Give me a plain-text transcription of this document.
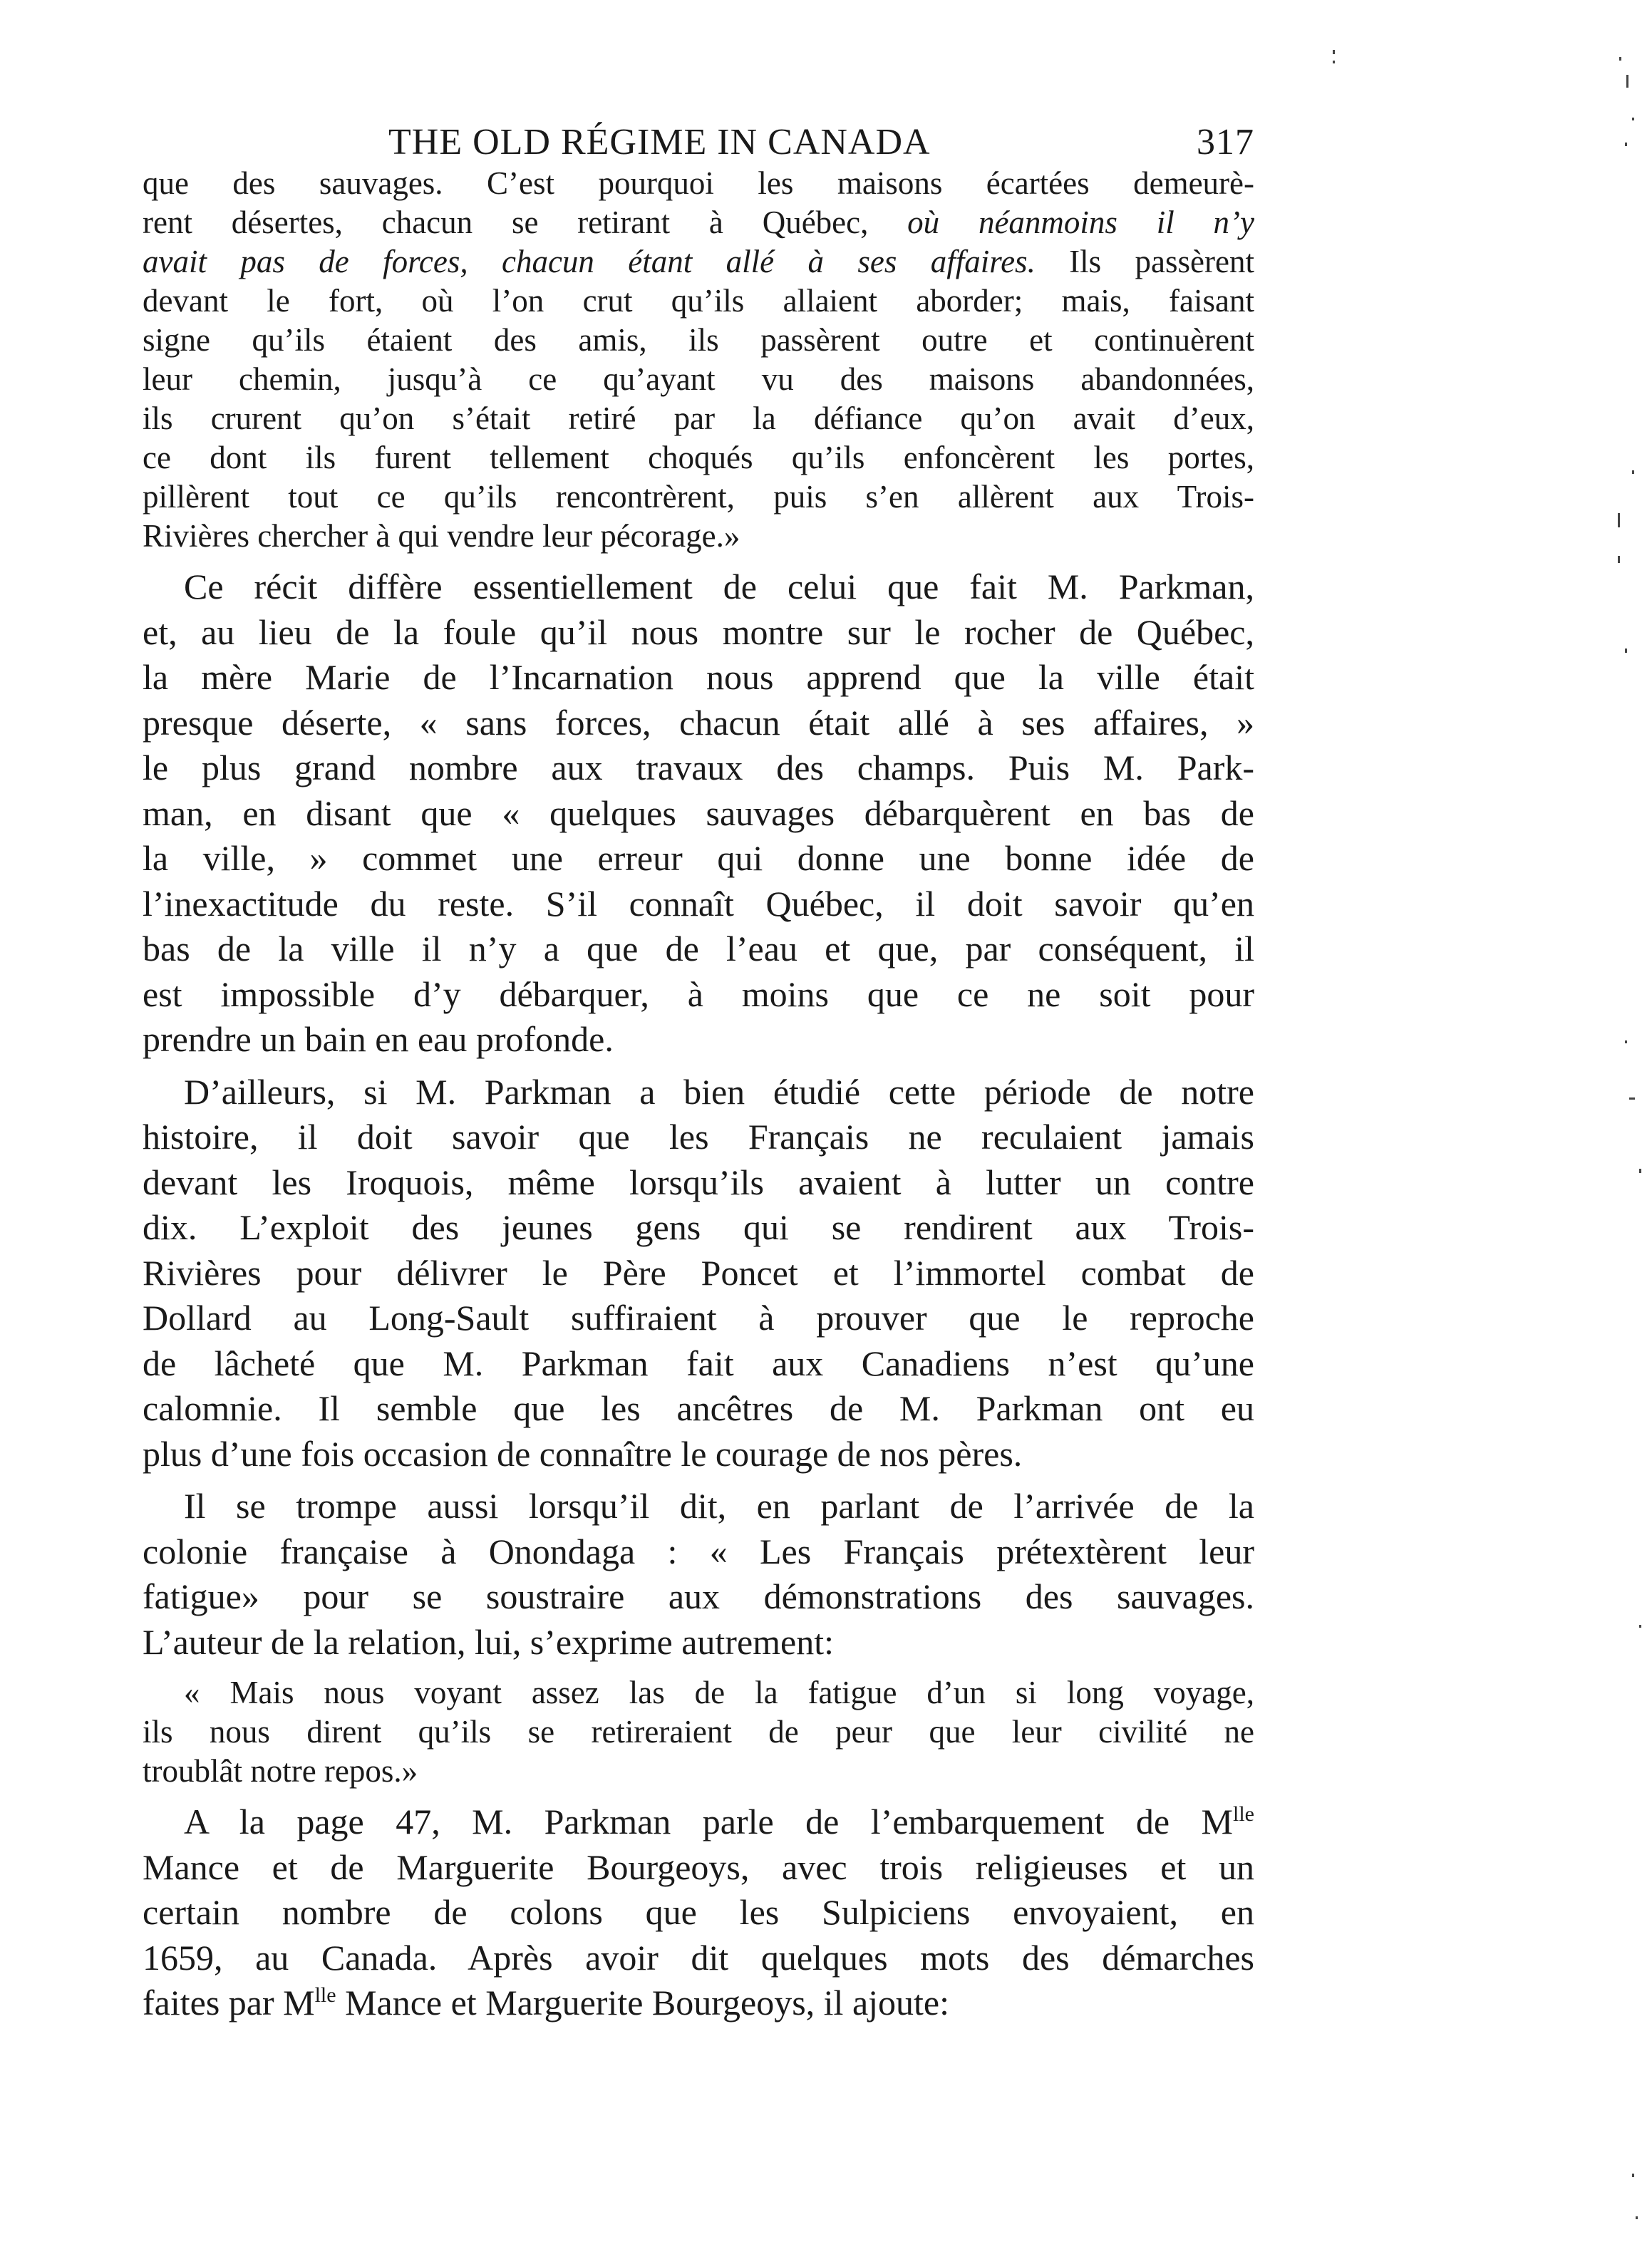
THE OLD RÉGIME IN CANADA	317
que des sauvages. C’est pourquoi les maisons écartées demeurè-
rent désertes, chacun se retirant à Québec, où néanmoins il n’y
avait pas de forces, chacun étant allé à ses affaires. Ils passèrent
devant le fort, où l’on crut qu’ils allaient aborder; mais, faisant
signe qu’ils étaient des amis, ils passèrent outre et continuèrent
leur chemin, jusqu’à ce qu’ayant vu des maisons abandonnées,
ils crurent qu’on s’était retiré par la défiance qu’on avait d’eux,
ce dont ils furent tellement choqués qu’ils enfoncèrent les portes,
pillèrent tout ce qu’ils rencontrèrent, puis s’en allèrent aux Trois-
Rivières chercher à qui vendre leur pécorage.»
Ce récit diffère essentiellement de celui que fait M. Parkman,
et, au lieu de la foule qu’il nous montre sur le rocher de Québec,
la mère Marie de l’Incarnation nous apprend que la ville était
presque déserte, « sans forces, chacun était allé à ses affaires, »
le plus grand nombre aux travaux des champs. Puis M. Park-
man, en disant que « quelques sauvages débarquèrent en bas de
la ville, » commet une erreur qui donne une bonne idée de
l’inexactitude du reste. S’il connaît Québec, il doit savoir qu’en
bas de la ville il n’y a que de l’eau et que, par conséquent, il
est impossible d’y débarquer, à moins que ce ne soit pour
prendre un bain en eau profonde.
D’ailleurs, si M. Parkman a bien étudié cette période de notre
histoire, il doit savoir que les Français ne reculaient jamais
devant les Iroquois, même lorsqu’ils avaient à lutter un contre
dix. L’exploit des jeunes gens qui se rendirent aux Trois-
Rivières pour délivrer le Père Poncet et l’immortel combat de
Dollard au Long-Sault suffiraient à prouver que le reproche
de lâcheté que M. Parkman fait aux Canadiens n’est qu’une
calomnie. Il semble que les ancêtres de M. Parkman ont eu
plus d’une fois occasion de connaître le courage de nos pères.
Il se trompe aussi lorsqu’il dit, en parlant de l’arrivée de la
colonie française à Onondaga : « Les Français prétextèrent leur
fatigue» pour se soustraire aux démonstrations des sauvages.
L’auteur de la relation, lui, s’exprime autrement:
« Mais nous voyant assez las de la fatigue d’un si long voyage,
ils nous dirent qu’ils se retireraient de peur que leur civilité ne
troublât notre repos.»
A la page 47, M. Parkman parle de l’embarquement de $M^{lle}$
Mance et de Marguerite Bourgeoys, avec trois religieuses et un
certain nombre de colons que les Sulpiciens envoyaient, en
1659, au Canada. Après avoir dit quelques mots des démarches
faites par $M^{lle}$ Mance et Marguerite Bourgeoys, il ajoute:
